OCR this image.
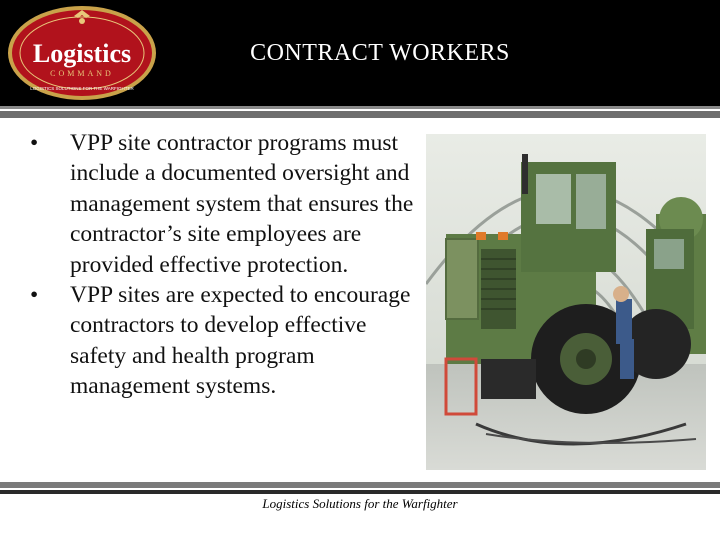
Logistics
COMMAND
LOGISTICS SOLUTIONS FOR THE WARFIGHTER
CONTRACT WORKERS
•	VPP site contractor programs must include a documented oversight and management system that ensures the contractor’s site employees are provided effective protection.
•	VPP sites are expected to encourage contractors to develop effective safety and health program management systems.
Logistics Solutions for the Warfighter
